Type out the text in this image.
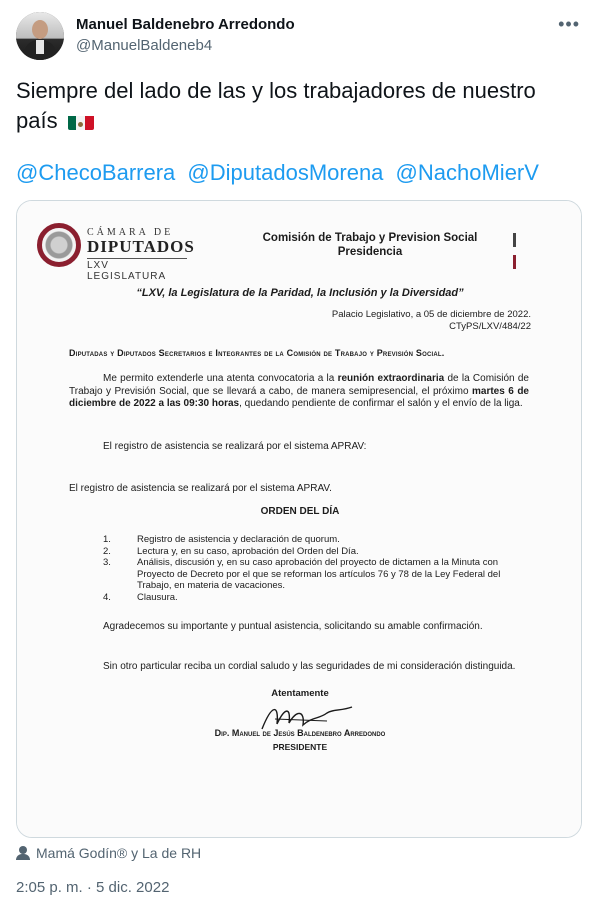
Manuel Baldenebro Arredondo
@ManuelBaldeneb4
•••
Siempre del lado de las y los trabajadores de nuestro país
@ChecoBarrera @DiputadosMorena @NachoMierV
CÁMARA DE
DIPUTADOS
LXV LEGISLATURA
Comisión de Trabajo y Prevision Social
Presidencia
“LXV, la Legislatura de la Paridad, la Inclusión y la Diversidad”
Palacio Legislativo, a 05 de diciembre de 2022.
CTyPS/LXV/484/22
Diputadas y Diputados Secretarios e Integrantes de la Comisión de Trabajo y Previsión Social.
Me permito extenderle una atenta convocatoria a la reunión extraordinaria de la Comisión de Trabajo y Previsión Social, que se llevará a cabo, de manera semipresencial, el próximo martes 6 de diciembre de 2022 a las 09:30 horas, quedando pendiente de confirmar el salón y el envío de la liga.
El registro de asistencia se realizará por el sistema APRAV:
El registro de asistencia se realizará por el sistema APRAV.
ORDEN DEL DÍA
1.	Registro de asistencia y declaración de quorum.
2.	Lectura y, en su caso, aprobación del Orden del Día.
3.	Análisis, discusión y, en su caso aprobación del proyecto de dictamen a la Minuta con Proyecto de Decreto por el que se reforman los artículos 76 y 78 de la Ley Federal del Trabajo, en materia de vacaciones.
4.	Clausura.
Agradecemos su importante y puntual asistencia, solicitando su amable confirmación.
Sin otro particular reciba un cordial saludo y las seguridades de mi consideración distinguida.
Atentamente
Dip. Manuel de Jesús Baldenebro Arredondo
PRESIDENTE
Mamá Godín® y La de RH
2:05 p. m. · 5 dic. 2022
